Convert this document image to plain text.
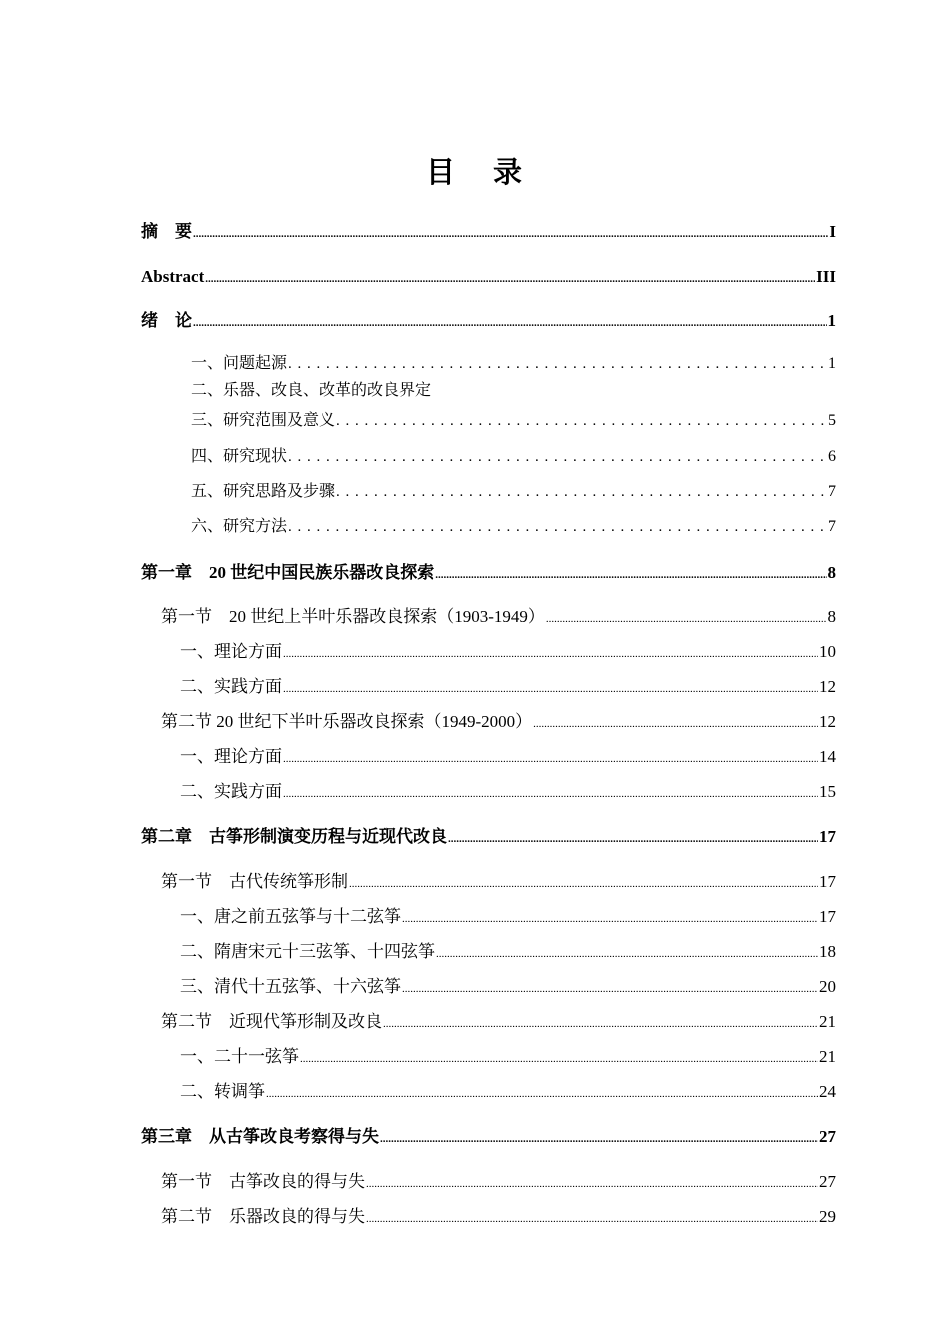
目 录
摘　要 .....	I
Abstract .....	III
绪　论 .....	1
一、问题起源 . . .	1
二、乐器、改良、改革的改良界定
三、研究范围及意义 . . .	5
四、研究现状 . . .	6
五、研究思路及步骤 . . .	7
六、研究方法 . . .	7
第一章　20 世纪中国民族乐器改良探索 .....	8
第一节　20 世纪上半叶乐器改良探索（1903-1949） .....	8
一、理论方面 .....	10
二、实践方面 .....	12
第二节 20 世纪下半叶乐器改良探索（1949-2000） .....	12
一、理论方面 .....	14
二、实践方面 .....	15
第二章　古筝形制演变历程与近现代改良 .....	17
第一节　古代传统筝形制 .....	17
一、唐之前五弦筝与十二弦筝 .....	17
二、隋唐宋元十三弦筝、十四弦筝 .....	18
三、清代十五弦筝、十六弦筝 .....	20
第二节　近现代筝形制及改良 .....	21
一、二十一弦筝 .....	21
二、转调筝 .....	24
第三章　从古筝改良考察得与失 .....	27
第一节　古筝改良的得与失 .....	27
第二节　乐器改良的得与失 .....	29
